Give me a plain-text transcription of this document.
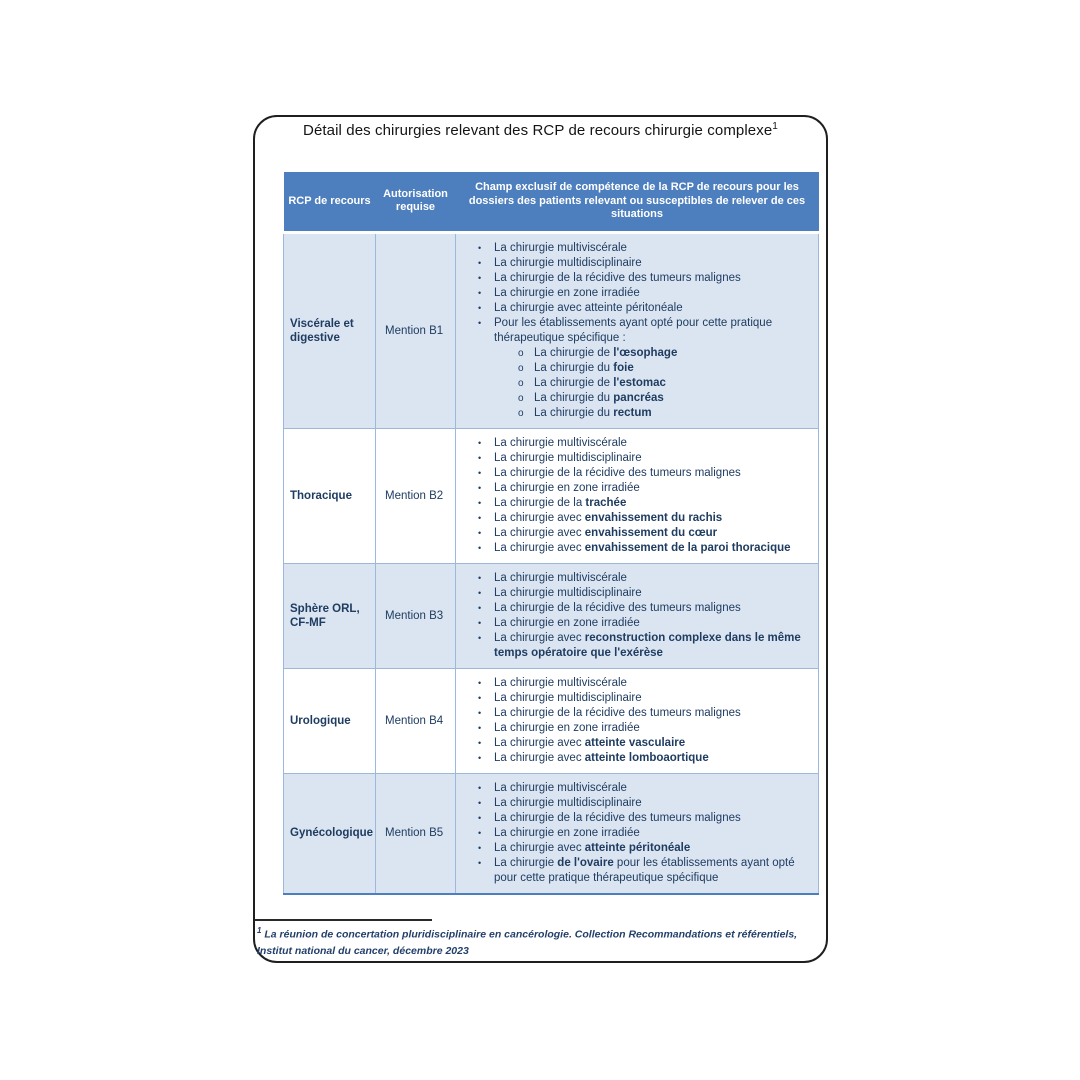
Détail des chirurgies relevant des RCP de recours chirurgie complexe$^1$
RCP de recours	Autorisation requise	Champ exclusif de compétence de la RCP de recours pour les dossiers des patients relevant ou susceptibles de relever de ces situations
Viscérale et digestive	Mention B1	
•	La chirurgie multiviscérale
•	La chirurgie multidisciplinaire
•	La chirurgie de la récidive des tumeurs malignes
•	La chirurgie en zone irradiée
•	La chirurgie avec atteinte péritonéale
•	Pour les établissements ayant opté pour cette pratique thérapeutique spécifique :
o La chirurgie de l'œsophage
o La chirurgie du foie
o La chirurgie de l'estomac
o La chirurgie du pancréas
o La chirurgie du rectum

Thoracique	Mention B2	
•	La chirurgie multiviscérale
•	La chirurgie multidisciplinaire
•	La chirurgie de la récidive des tumeurs malignes
•	La chirurgie en zone irradiée
•	La chirurgie de la trachée
•	La chirurgie avec envahissement du rachis
•	La chirurgie avec envahissement du cœur
•	La chirurgie avec envahissement de la paroi thoracique

Sphère ORL, CF-MF	Mention B3	
•	La chirurgie multiviscérale
•	La chirurgie multidisciplinaire
•	La chirurgie de la récidive des tumeurs malignes
•	La chirurgie en zone irradiée
•	La chirurgie avec reconstruction complexe dans le même temps opératoire que l'exérèse

Urologique	Mention B4	
•	La chirurgie multiviscérale
•	La chirurgie multidisciplinaire
•	La chirurgie de la récidive des tumeurs malignes
•	La chirurgie en zone irradiée
•	La chirurgie avec atteinte vasculaire
•	La chirurgie avec atteinte lomboaortique

Gynécologique	Mention B5	
•	La chirurgie multiviscérale
•	La chirurgie multidisciplinaire
•	La chirurgie de la récidive des tumeurs malignes
•	La chirurgie en zone irradiée
•	La chirurgie avec atteinte péritonéale
•	La chirurgie de l'ovaire pour les établissements ayant opté pour cette pratique thérapeutique spécifique
$^1$ La réunion de concertation pluridisciplinaire en cancérologie. Collection Recommandations et référentiels, Institut national du cancer, décembre 2023
